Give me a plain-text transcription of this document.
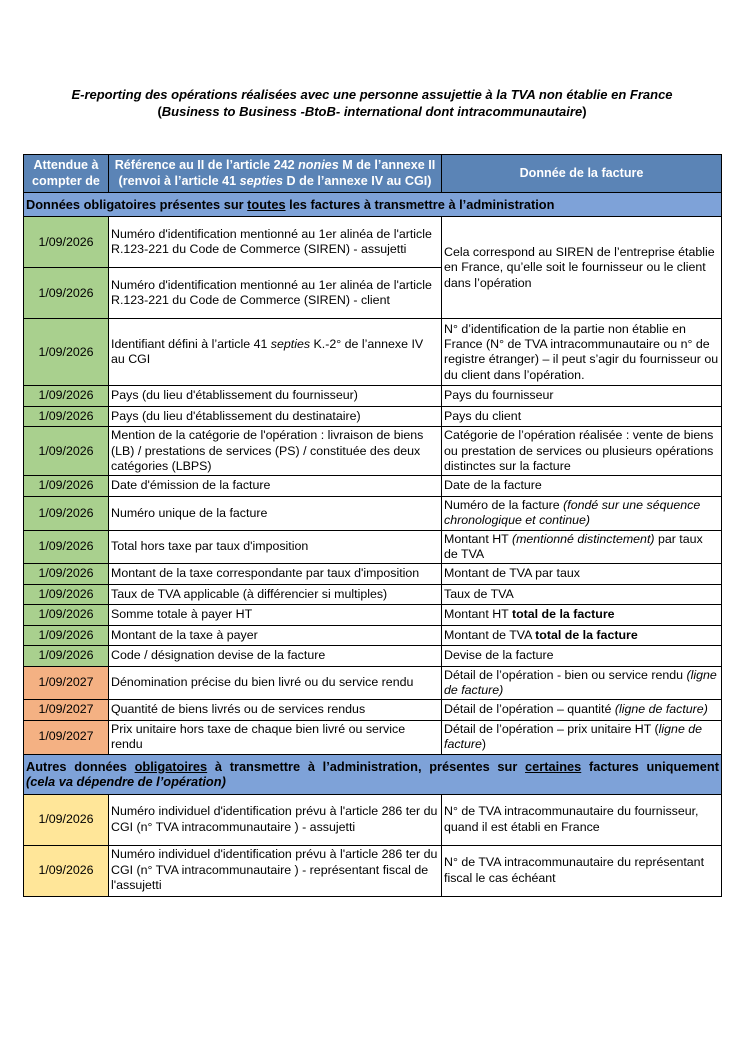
E-reporting des opérations réalisées avec une personne assujettie à la TVA non établie en France
(Business to Business -BtoB- international dont intracommunautaire)
Attendue à compter de	Référence au II de l’article 242 nonies M de l’annexe II (renvoi à l’article 41 septies D de l’annexe IV au CGI)	Donnée de la facture
Données obligatoires présentes sur toutes les factures à transmettre à l’administration		
1/09/2026	Numéro d'identification mentionné au 1er alinéa de l'article R.123-221 du Code de Commerce (SIREN) - assujetti	Cela correspond au SIREN de l’entreprise établie en France, qu’elle soit le fournisseur ou le client dans l’opération
1/09/2026	Numéro d'identification mentionné au 1er alinéa de l'article R.123-221 du Code de Commerce (SIREN) - client	
1/09/2026	Identifiant défini à l’article 41 septies K.-2° de l’annexe IV au CGI	N° d’identification de la partie non établie en France (N° de TVA intracommunautaire ou n° de registre étranger) – il peut s’agir du fournisseur ou du client dans l’opération.
1/09/2026	Pays (du lieu d'établissement du fournisseur)	Pays du fournisseur
1/09/2026	Pays (du lieu d'établissement du destinataire)	Pays du client
1/09/2026	Mention de la catégorie de l'opération : livraison de biens (LB) / prestations de services (PS) / constituée des deux catégories (LBPS)	Catégorie de l’opération réalisée : vente de biens ou prestation de services ou plusieurs opérations distinctes sur la facture
1/09/2026	Date d'émission de la facture	Date de la facture
1/09/2026	Numéro unique de la facture	Numéro de la facture (fondé sur une séquence chronologique et continue)
1/09/2026	Total hors taxe par taux d'imposition	Montant HT (mentionné distinctement) par taux de TVA
1/09/2026	Montant de la taxe correspondante par taux d'imposition	Montant de TVA par taux
1/09/2026	Taux de TVA applicable (à différencier si multiples)	Taux de TVA
1/09/2026	Somme totale à payer HT	Montant HT total de la facture
1/09/2026	Montant de la taxe à payer	Montant de TVA total de la facture
1/09/2026	Code / désignation devise de la facture	Devise de la facture
1/09/2027	Dénomination précise du bien livré ou du service rendu	Détail de l’opération - bien ou service rendu (ligne de facture)
1/09/2027	Quantité de biens livrés ou de services rendus	Détail de l’opération – quantité (ligne de facture)
1/09/2027	Prix unitaire hors taxe de chaque bien livré ou service rendu	Détail de l’opération – prix unitaire HT (ligne de facture)

Autres données obligatoires à transmettre à l’administration, présentes sur certaines factures uniquement
(cela va dépendre de l’opération)		

1/09/2026	Numéro individuel d'identification prévu à l'article 286 ter du CGI (n° TVA intracommunautaire ) - assujetti	N° de TVA intracommunautaire du fournisseur, quand il est établi en France
1/09/2026	Numéro individuel d'identification prévu à l'article 286 ter du CGI (n° TVA intracommunautaire ) - représentant fiscal de l'assujetti	N° de TVA intracommunautaire du représentant fiscal le cas échéant
